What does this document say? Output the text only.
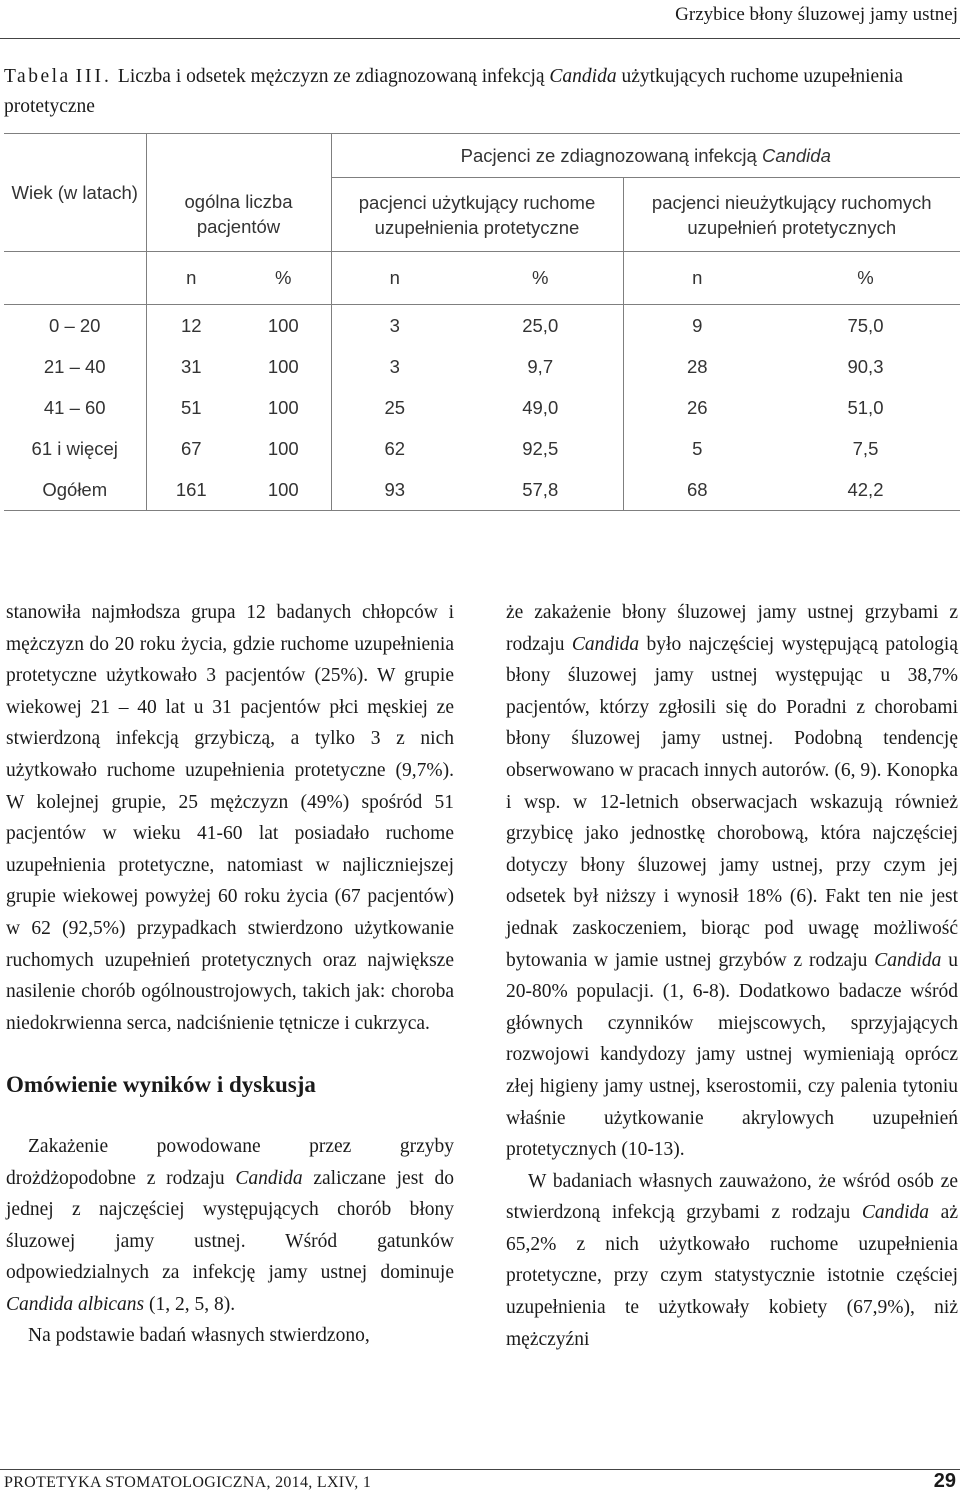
Grzybice błony śluzowej jamy ustnej
Tabela III. Liczba i odsetek mężczyzn ze zdiagnozowaną infekcją Candida użytkujących ruchome uzupełnienia protetyczne
Wiek (w latach)			Pacjenci ze zdiagnozowaną infekcją Candida			
	ogólna liczba pacjentów		pacjenci użytkujący ruchome uzupełnienia protetyczne		pacjenci nieużytkujący ruchomych uzupełnień protetycznych	
	n	%	n	%	n	%
0 – 20	12	100	3	25,0	9	75,0
21 – 40	31	100	3	9,7	28	90,3
41 – 60	51	100	25	49,0	26	51,0
61 i więcej	67	100	62	92,5	5	7,5
Ogółem	161	100	93	57,8	68	42,2

stanowiła najmłodsza grupa 12 badanych chłopców i mężczyzn do 20 roku życia, gdzie ruchome uzupełnienia protetyczne użytkowało 3 pacjentów (25%). W grupie wiekowej 21 – 40 lat u 31 pacjentów płci męskiej ze stwierdzoną infekcją grzybiczą, a tylko 3 z nich użytkowało ruchome uzupełnienia protetyczne (9,7%). W kolejnej grupie, 25 mężczyzn (49%) spośród 51 pacjentów w wieku 41-60 lat posiadało ruchome uzupełnienia protetyczne, natomiast w najliczniejszej grupie wiekowej powyżej 60 roku życia (67 pacjentów) w 62 (92,5%) przypadkach stwierdzono użytkowanie ruchomych uzupełnień protetycznych oraz największe nasilenie chorób ogólnoustrojowych, takich jak: choroba niedokrwienna serca, nadciśnienie tętnicze i cukrzyca.

Omówienie wyników i dyskusja

Zakażenie powodowane przez grzyby drożdżopodobne z rodzaju Candida zaliczane jest do jednej z najczęściej występujących chorób błony śluzowej jamy ustnej. Wśród gatunków odpowiedzialnych za infekcję jamy ustnej dominuje Candida albicans (1, 2, 5, 8).

Na podstawie badań własnych stwierdzono,

że zakażenie błony śluzowej jamy ustnej grzybami z rodzaju Candida było najczęściej występującą patologią błony śluzowej jamy ustnej występując u 38,7% pacjentów, którzy zgłosili się do Poradni z chorobami błony śluzowej jamy ustnej. Podobną tendencję obserwowano w pracach innych autorów. (6, 9). Konopka i wsp. w 12-letnich obserwacjach wskazują również grzybicę jako jednostkę chorobową, która najczęściej dotyczy błony śluzowej jamy ustnej, przy czym jej odsetek był niższy i wynosił 18% (6). Fakt ten nie jest jednak zaskoczeniem, biorąc pod uwagę możliwość bytowania w jamie ustnej grzybów z rodzaju Candida u 20-80% populacji. (1, 6-8). Dodatkowo badacze wśród głównych czynników miejscowych, sprzyjających rozwojowi kandydozy jamy ustnej wymieniają oprócz złej higieny jamy ustnej, kserostomii, czy palenia tytoniu właśnie użytkowanie akrylowych uzupełnień protetycznych (10-13).

W badaniach własnych zauważono, że wśród osób ze stwierdzoną infekcją grzybami z rodzaju Candida aż 65,2% z nich użytkowało ruchome uzupełnienia protetyczne, przy czym statystycznie istotnie częściej uzupełnienia te użytkowały kobiety (67,9%), niż mężczyźni

PROTETYKA STOMATOLOGICZNA, 2014, LXIV, 1	29
